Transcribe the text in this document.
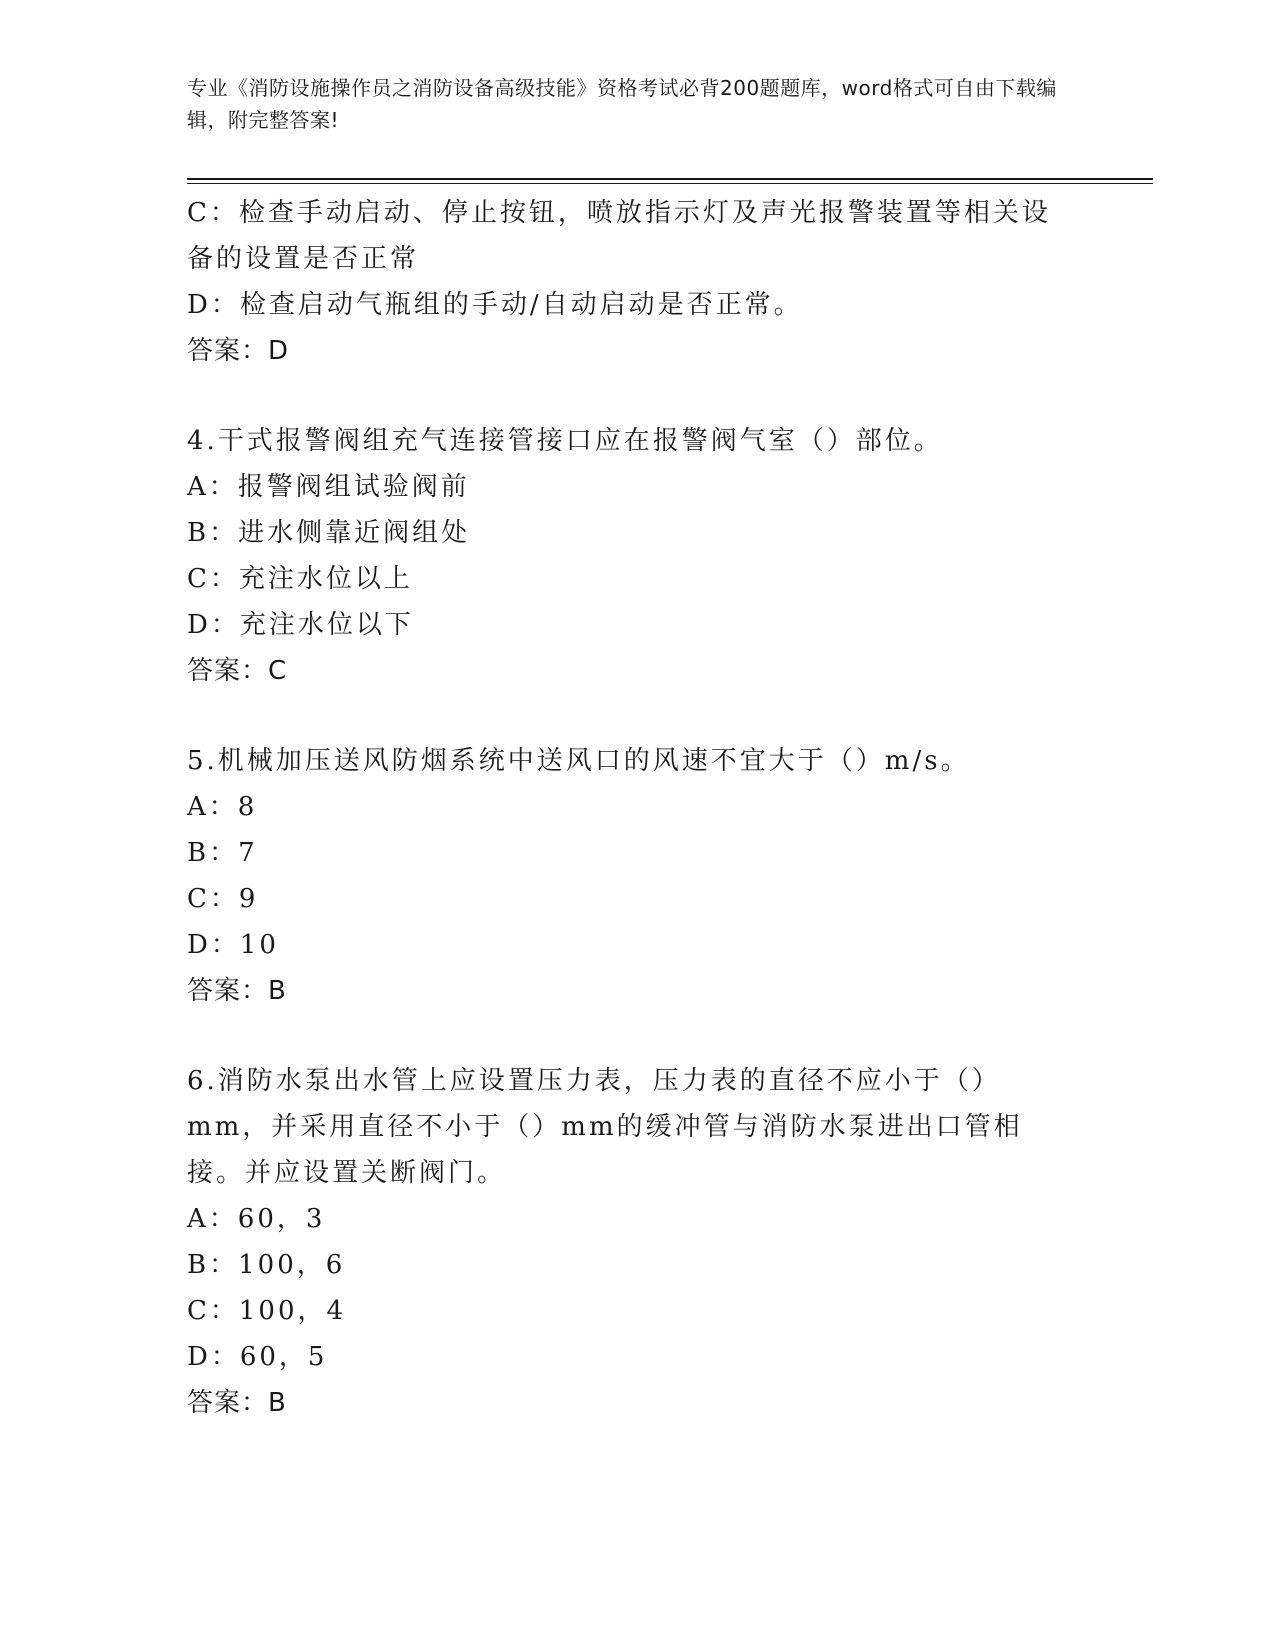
专业《消防设施操作员之消防设备高级技能》资格考试必背200题题库，word格式可自由下载编辑，附完整答案!
C：检查手动启动、停止按钮，喷放指示灯及声光报警装置等相关设备的设置是否正常
D：检查启动气瓶组的手动/自动启动是否正常。
答案：D
4.干式报警阀组充气连接管接口应在报警阀气室（）部位。
A：报警阀组试验阀前
B：进水侧靠近阀组处
C：充注水位以上
D：充注水位以下
答案：C
5.机械加压送风防烟系统中送风口的风速不宜大于（）m/s。
A：8
B：7
C：9
D：10
答案：B
6.消防水泵出水管上应设置压力表，压力表的直径不应小于（）mm，并采用直径不小于（）mm的缓冲管与消防水泵进出口管相接。并应设置关断阀门。
A：60，3
B：100，6
C：100，4
D：60，5
答案：B
